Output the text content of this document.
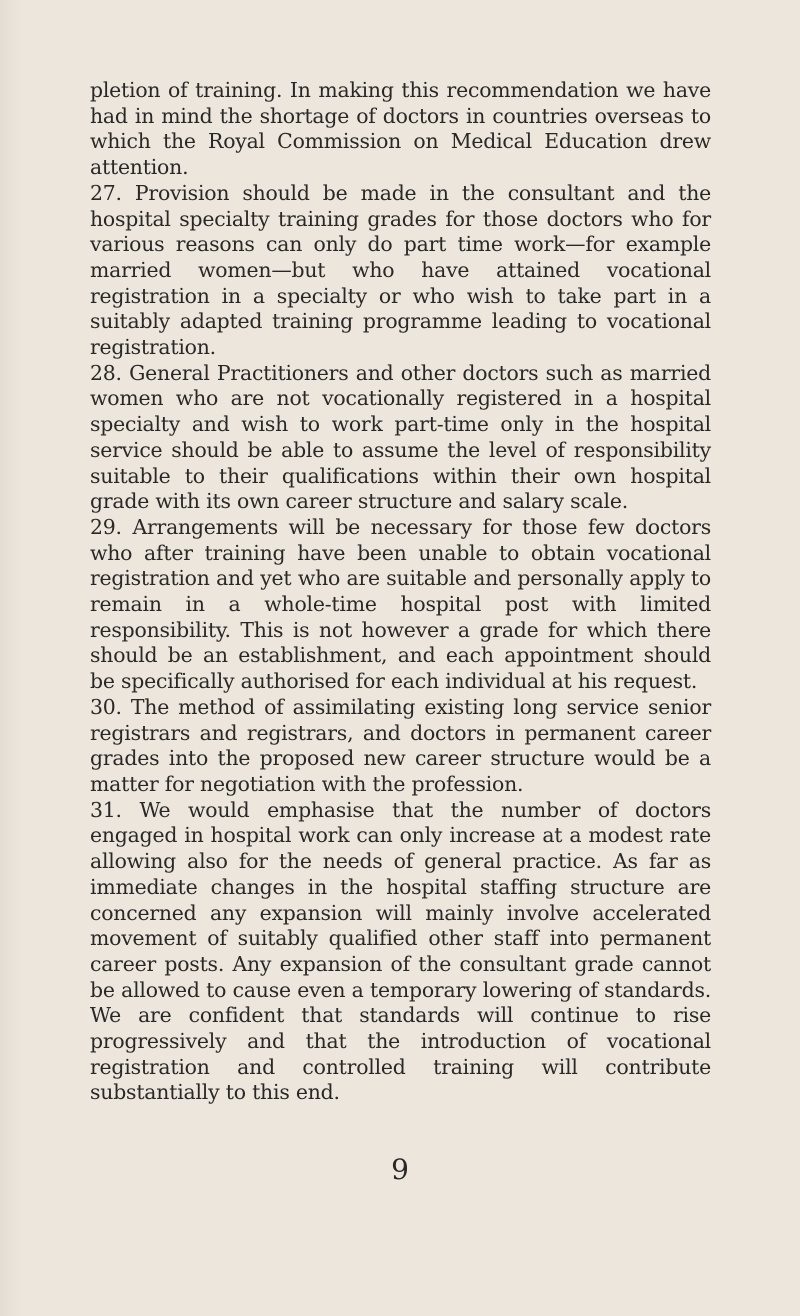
pletion of training. In making this recommendation we have had in mind the shortage of doctors in countries overseas to which the Royal Commission on Medical Education drew attention.

27. Provision should be made in the consultant and the hospital specialty training grades for those doctors who for various reasons can only do part time work—for example married women—but who have attained vocational registration in a specialty or who wish to take part in a suitably adapted training programme leading to vocational registration.

28. General Practitioners and other doctors such as married women who are not vocationally registered in a hospital specialty and wish to work part-time only in the hospital service should be able to assume the level of responsibility suitable to their qualifications within their own hospital grade with its own career structure and salary scale.

29. Arrangements will be necessary for those few doctors who after training have been unable to obtain vocational registration and yet who are suitable and personally apply to remain in a whole-time hospital post with limited responsibility. This is not however a grade for which there should be an establishment, and each appointment should be specifically authorised for each individual at his request.

30. The method of assimilating existing long service senior registrars and registrars, and doctors in permanent career grades into the proposed new career structure would be a matter for negotiation with the profession.

31. We would emphasise that the number of doctors engaged in hospital work can only increase at a modest rate allowing also for the needs of general practice. As far as immediate changes in the hospital staffing structure are concerned any expansion will mainly involve accelerated movement of suitably qualified other staff into permanent career posts. Any expansion of the consultant grade cannot be allowed to cause even a temporary lowering of standards. We are confident that standards will continue to rise progressively and that the introduction of vocational registration and controlled training will contribute substantially to this end.

9
